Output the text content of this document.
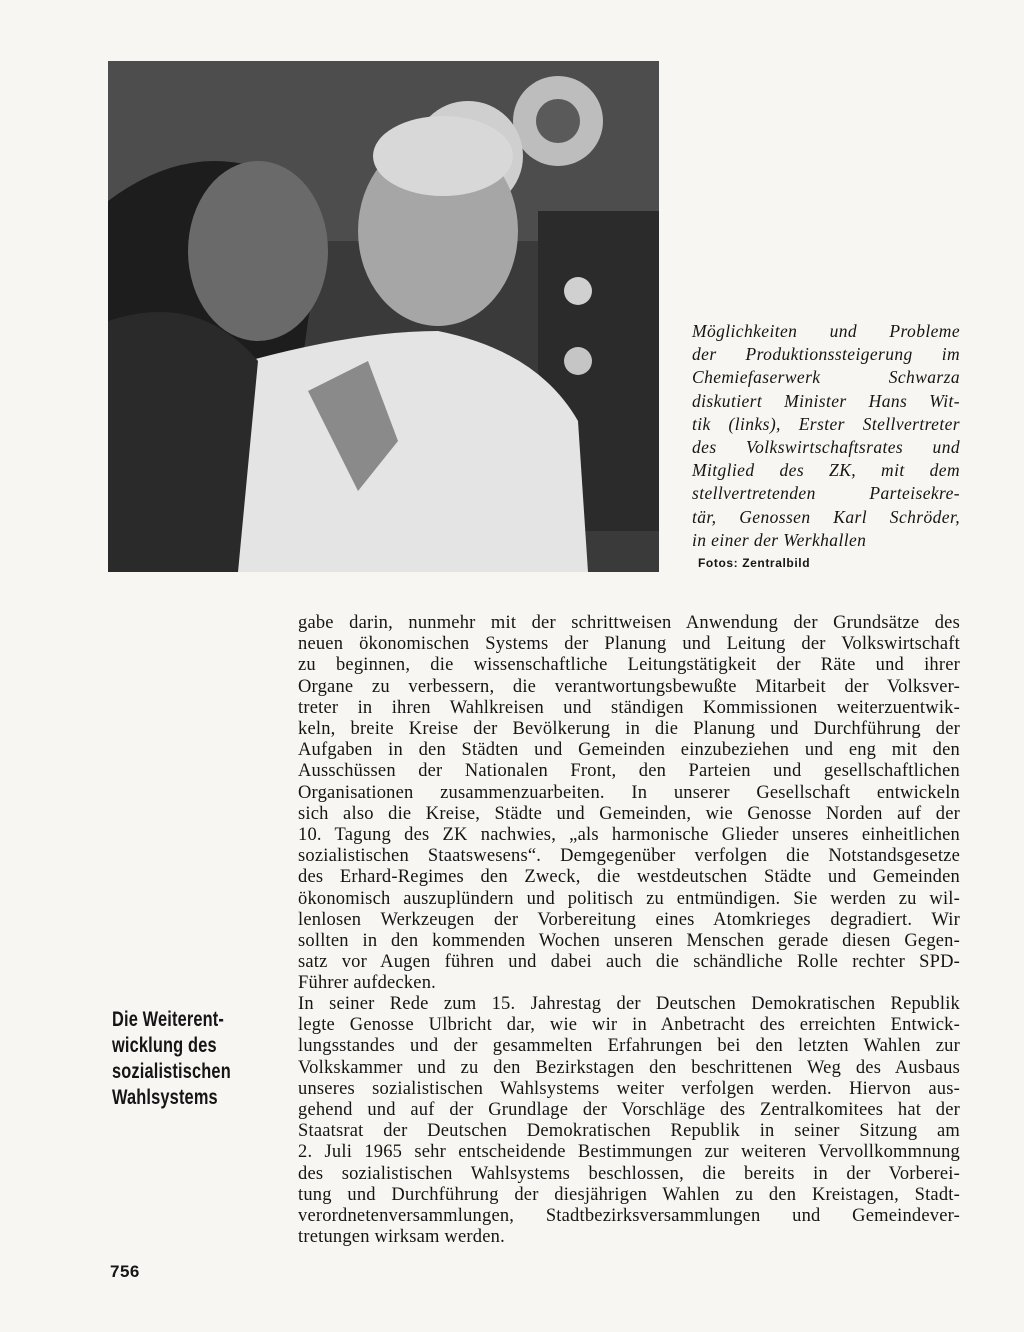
Möglichkeiten und Probleme
der Produktionssteigerung im
Chemiefaserwerk Schwarza
diskutiert Minister Hans Wit-
tik (links), Erster Stellvertreter
des Volkswirtschaftsrates und
Mitglied des ZK, mit dem
stellvertretenden Parteisekre-
tär, Genossen Karl Schröder,
in einer der Werkhallen
Fotos: Zentralbild
gabe darin, nunmehr mit der schrittweisen Anwendung der Grundsätze des
neuen ökonomischen Systems der Planung und Leitung der Volkswirtschaft
zu beginnen, die wissenschaftliche Leitungstätigkeit der Räte und ihrer
Organe zu verbessern, die verantwortungsbewußte Mitarbeit der Volksver-
treter in ihren Wahlkreisen und ständigen Kommissionen weiterzuentwik-
keln, breite Kreise der Bevölkerung in die Planung und Durchführung der
Aufgaben in den Städten und Gemeinden einzubeziehen und eng mit den
Ausschüssen der Nationalen Front, den Parteien und gesellschaftlichen
Organisationen zusammenzuarbeiten. In unserer Gesellschaft entwickeln
sich also die Kreise, Städte und Gemeinden, wie Genosse Norden auf der
10. Tagung des ZK nachwies, „als harmonische Glieder unseres einheitlichen
sozialistischen Staatswesens“. Demgegenüber verfolgen die Notstandsgesetze
des Erhard-Regimes den Zweck, die westdeutschen Städte und Gemeinden
ökonomisch auszuplündern und politisch zu entmündigen. Sie werden zu wil-
lenlosen Werkzeugen der Vorbereitung eines Atomkrieges degradiert. Wir
sollten in den kommenden Wochen unseren Menschen gerade diesen Gegen-
satz vor Augen führen und dabei auch die schändliche Rolle rechter SPD-
Führer aufdecken.
Die Weiterent-
wicklung des
sozialistischen
Wahlsystems
In seiner Rede zum 15. Jahrestag der Deutschen Demokratischen Republik
legte Genosse Ulbricht dar, wie wir in Anbetracht des erreichten Entwick-
lungsstandes und der gesammelten Erfahrungen bei den letzten Wahlen zur
Volkskammer und zu den Bezirkstagen den beschrittenen Weg des Ausbaus
unseres sozialistischen Wahlsystems weiter verfolgen werden. Hiervon aus-
gehend und auf der Grundlage der Vorschläge des Zentralkomitees hat der
Staatsrat der Deutschen Demokratischen Republik in seiner Sitzung am
2. Juli 1965 sehr entscheidende Bestimmungen zur weiteren Vervollkommnung
des sozialistischen Wahlsystems beschlossen, die bereits in der Vorberei-
tung und Durchführung der diesjährigen Wahlen zu den Kreistagen, Stadt-
verordnetenversammlungen, Stadtbezirksversammlungen und Gemeindever-
tretungen wirksam werden.
756
